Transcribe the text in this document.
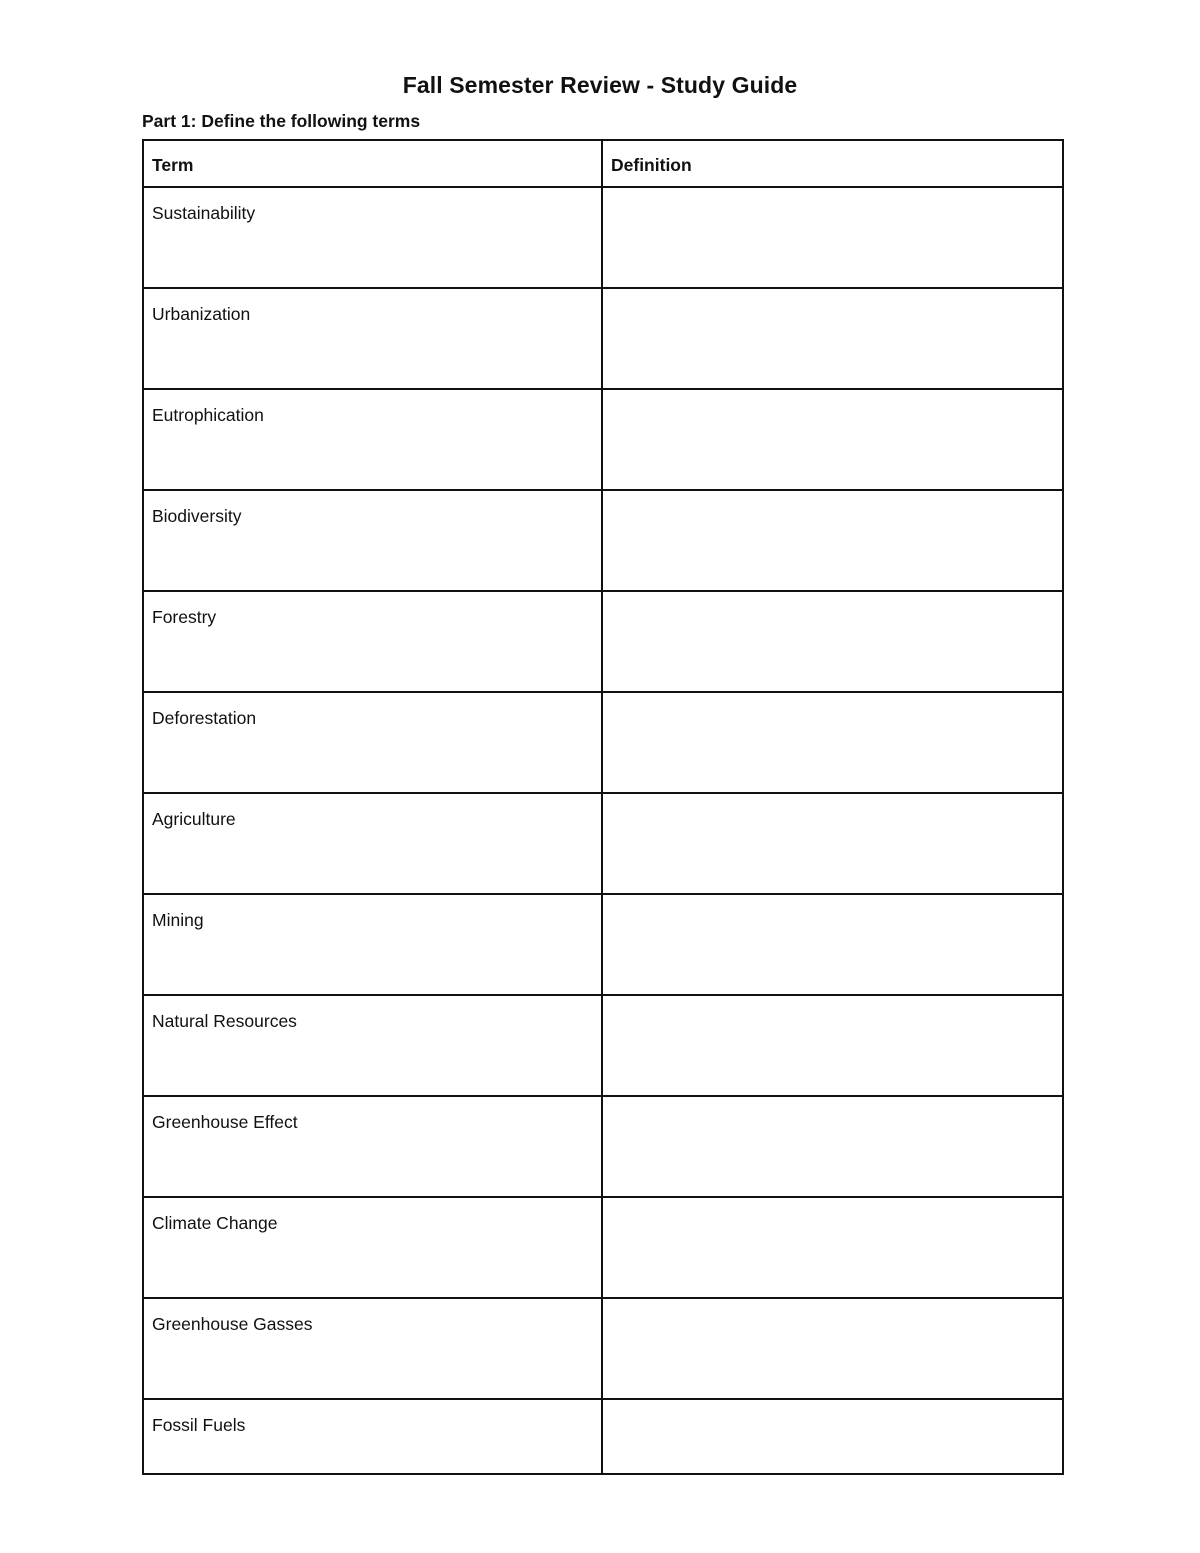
Fall Semester Review - Study Guide
Part 1: Define the following terms
Term	Definition
Sustainability	
Urbanization	
Eutrophication	
Biodiversity	
Forestry	
Deforestation	
Agriculture	
Mining	
Natural Resources	
Greenhouse Effect	
Climate Change	
Greenhouse Gasses	
Fossil Fuels	
